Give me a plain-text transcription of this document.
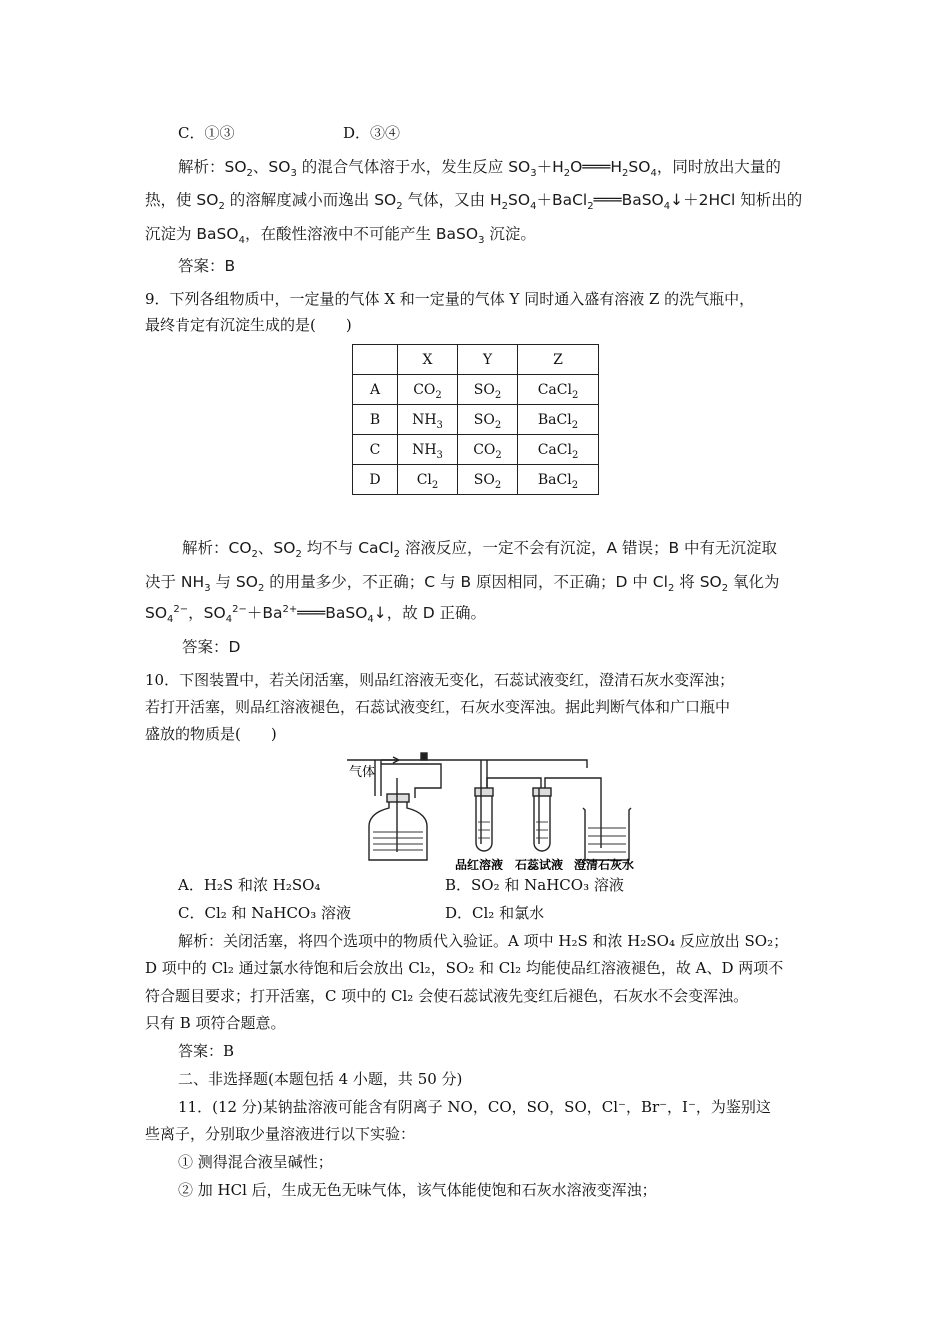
C．①③	D．③④
解析：$SO_2$、$SO_3$ 的混合气体溶于水，发生反应 $SO_3+H_2O═══H_2SO_4$，同时放出大量的
热，使 $SO_2$ 的溶解度减小而逸出 $SO_2$ 气体，又由 $H_2SO_4+BaCl_2═══BaSO_4↓+2HCl$ 知析出的
沉淀为 BaSO$_4$，在酸性溶液中不可能产生 BaSO$_3$ 沉淀。
答案：B
9．下列各组物质中，一定量的气体 X 和一定量的气体 Y 同时通入盛有溶液 Z 的洗气瓶中，
最终肯定有沉淀生成的是(　　)
	X	Y	Z
A	$CO_2$	$SO_2$	CaCl$_2$
B	$NH_3$	$SO_2$	BaCl$_2$
C	$NH_3$	$CO_2$	CaCl$_2$
D	$Cl_2$	$SO_2$	BaCl$_2$
解析：$CO_2$、$SO_2$ 均不与 CaCl$_2$ 溶液反应，一定不会有沉淀，A 错误；B 中有无沉淀取
决于 $NH_3$ 与 $SO_2$ 的用量多少，不正确；C 与 B 原因相同，不正确；D 中 $Cl_2$ 将 $SO_2$ 氧化为
$SO_4^{2-}$，$SO_4^{2-}+Ba^{2+}═══BaSO_4↓$，故 D 正确。
答案：D
10．下图装置中，若关闭活塞，则品红溶液无变化，石蕊试液变红，澄清石灰水变浑浊；
若打开活塞，则品红溶液褪色，石蕊试液变红，石灰水变浑浊。据此判断气体和广口瓶中
盛放的物质是(　　)
气体
品红溶液 石蕊试液 澄清石灰水
A．H₂S 和浓 H₂SO₄	B．SO₂ 和 NaHCO₃ 溶液
C．Cl₂ 和 NaHCO₃ 溶液	D．Cl₂ 和氯水
解析：关闭活塞，将四个选项中的物质代入验证。A 项中 H₂S 和浓 H₂SO₄ 反应放出 SO₂；
D 项中的 Cl₂ 通过氯水待饱和后会放出 Cl₂，SO₂ 和 Cl₂ 均能使品红溶液褪色，故 A、D 两项不
符合题目要求；打开活塞，C 项中的 Cl₂ 会使石蕊试液先变红后褪色，石灰水不会变浑浊。
只有 B 项符合题意。
答案：B
二、非选择题(本题包括 4 小题，共 50 分)
11．(12 分)某钠盐溶液可能含有阴离子 NO，CO，SO，SO，Cl⁻，Br⁻，I⁻，为鉴别这
些离子，分别取少量溶液进行以下实验：
① 测得混合液呈碱性；
② 加 HCl 后，生成无色无味气体，该气体能使饱和石灰水溶液变浑浊；
